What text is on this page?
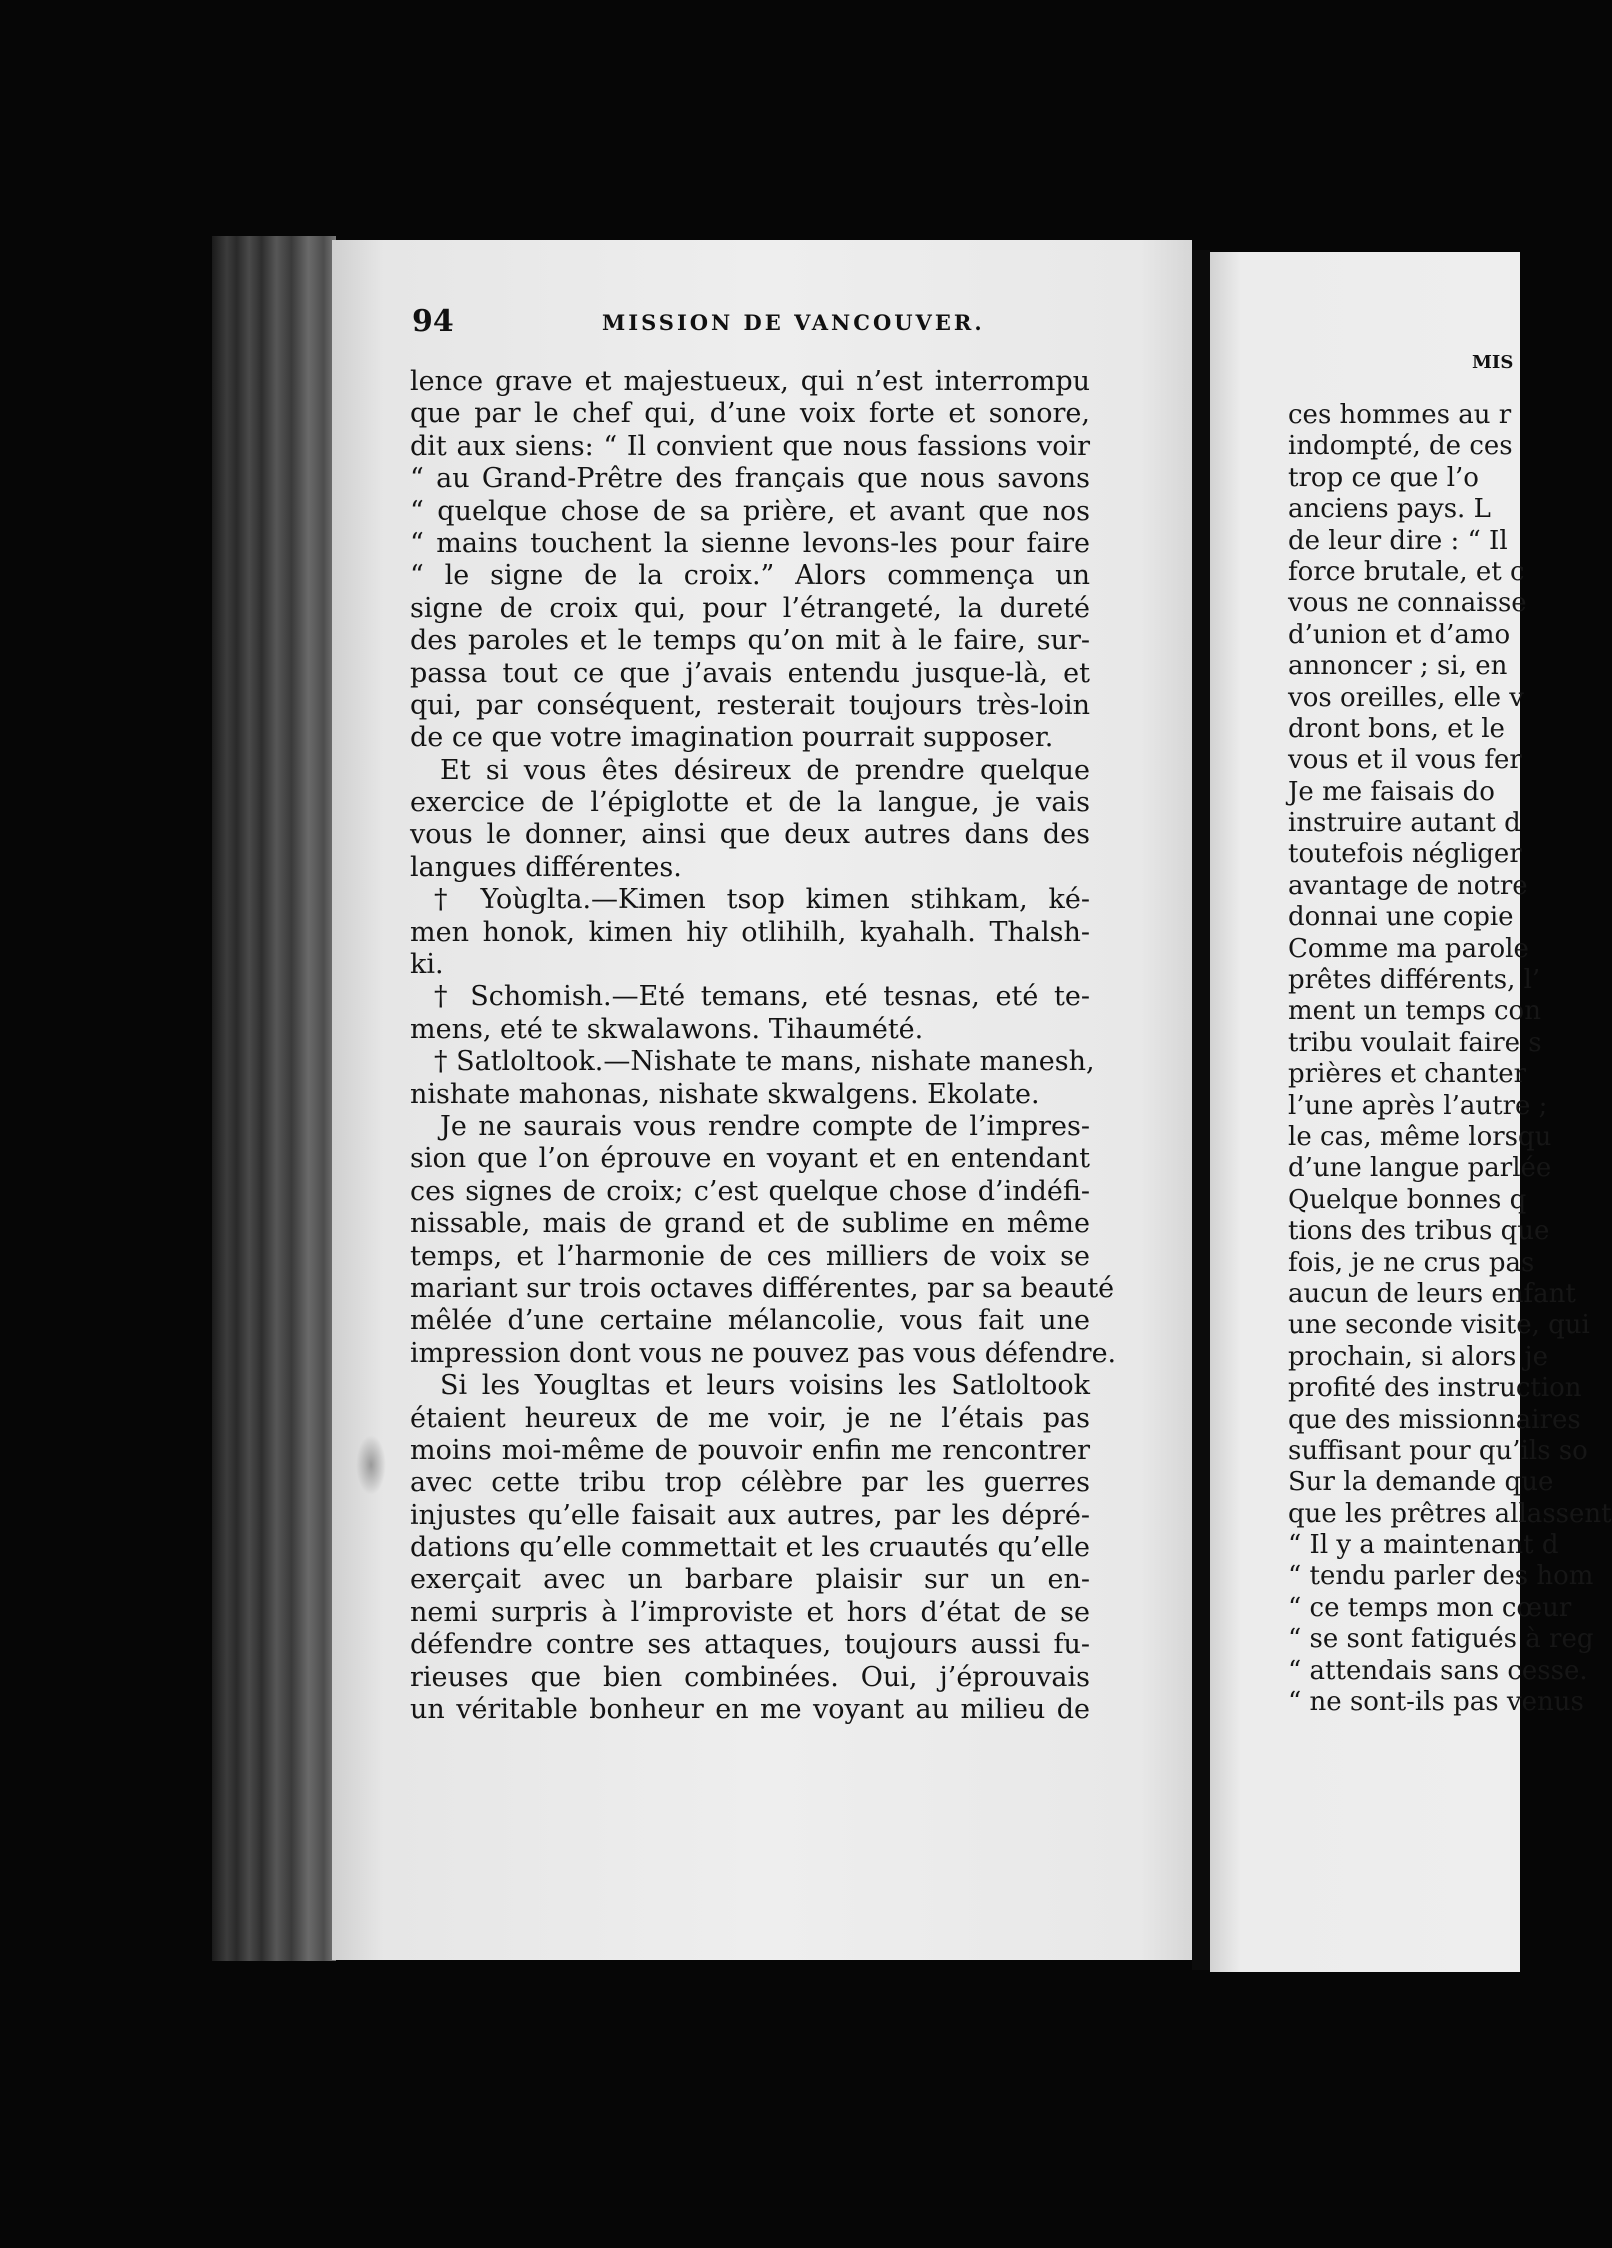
94	MISSION DE VANCOUVER.
lence grave et majestueux, qui n’est interrompu
que par le chef qui, d’une voix forte et sonore,
dit aux siens: “ Il convient que nous fassions voir
“ au Grand-Prêtre des français que nous savons
“ quelque chose de sa prière, et avant que nos
“ mains touchent la sienne levons-les pour faire
“ le signe de la croix.” Alors commença un
signe de croix qui, pour l’étrangeté, la dureté
des paroles et le temps qu’on mit à le faire, sur-
passa tout ce que j’avais entendu jusque-là, et
qui, par conséquent, resterait toujours très-loin
de ce que votre imagination pourrait supposer.
Et si vous êtes désireux de prendre quelque
exercice de l’épiglotte et de la langue, je vais
vous le donner, ainsi que deux autres dans des
langues différentes.
† Yoùglta.—Kimen tsop kimen stihkam, ké-
men honok, kimen hiy otlihilh, kyahalh. Thalsh-
ki.
† Schomish.—Eté temans, eté tesnas, eté te-
mens, eté te skwalawons. Tihaumété.
† Satloltook.—Nishate te mans, nishate manesh,
nishate mahonas, nishate skwalgens. Ekolate.
Je ne saurais vous rendre compte de l’impres-
sion que l’on éprouve en voyant et en entendant
ces signes de croix; c’est quelque chose d’indéfi-
nissable, mais de grand et de sublime en même
temps, et l’harmonie de ces milliers de voix se
mariant sur trois octaves différentes, par sa beauté
mêlée d’une certaine mélancolie, vous fait une
impression dont vous ne pouvez pas vous défendre.
Si les Yougltas et leurs voisins les Satloltook
étaient heureux de me voir, je ne l’étais pas
moins moi-même de pouvoir enfin me rencontrer
avec cette tribu trop célèbre par les guerres
injustes qu’elle faisait aux autres, par les dépré-
dations qu’elle commettait et les cruautés qu’elle
exerçait avec un barbare plaisir sur un en-
nemi surpris à l’improviste et hors d’état de se
défendre contre ses attaques, toujours aussi fu-
rieuses que bien combinées. Oui, j’éprouvais
un véritable bonheur en me voyant au milieu de
MIS
ces hommes au r
indompté, de ces
trop ce que l’o
anciens pays. L
de leur dire : “ Il
force brutale, et c
vous ne connaisse
d’union et d’amo
annoncer ; si, en
vos oreilles, elle v
dront bons, et le
vous et il vous fer
Je me faisais do
instruire autant d
toutefois négliger
avantage de notre
donnai une copie
Comme ma parole
prêtes différents, l’
ment un temps con
tribu voulait faire s
prières et chanter
l’une après l’autre ;
le cas, même lorsqu
d’une langue parlée
Quelque bonnes q
tions des tribus que
fois, je ne crus pas
aucun de leurs enfant
une seconde visite, qui
prochain, si alors je
profité des instruction
que des missionnaires
suffisant pour qu’ils so
Sur la demande que
que les prêtres allassent
“ Il y a maintenant d
“ tendu parler des hom
“ ce temps mon cœur
“ se sont fatigués à reg
“ attendais sans cesse.
“ ne sont-ils pas venus
